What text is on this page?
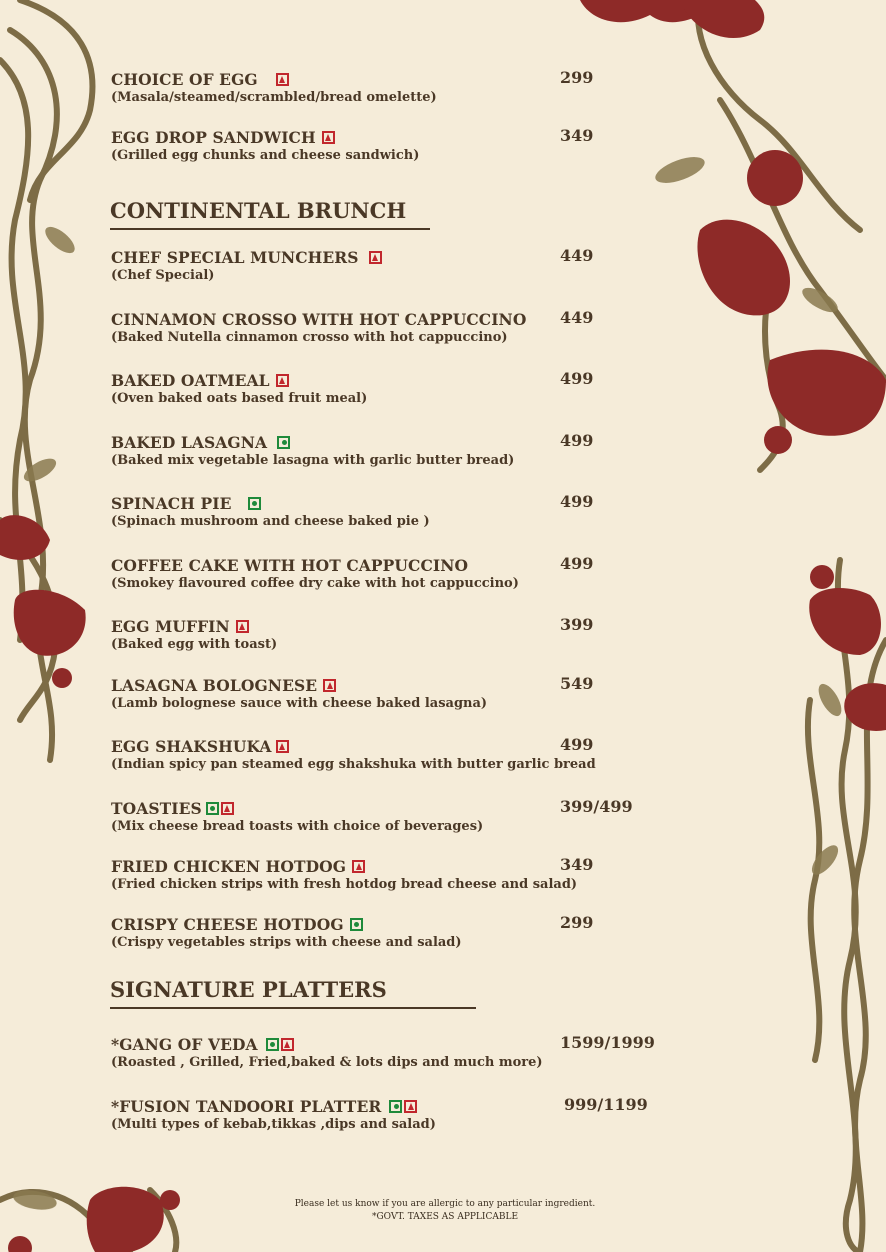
CHOICE OF EGG
(Masala/steamed/scrambled/bread omelette)
299
EGG DROP SANDWICH
(Grilled egg chunks and cheese sandwich)
349
CONTINENTAL BRUNCH
CHEF SPECIAL MUNCHERS
(Chef Special)
449
CINNAMON CROSSO WITH HOT CAPPUCCINO
(Baked Nutella cinnamon crosso with hot cappuccino)
449
BAKED OATMEAL
(Oven baked oats based fruit meal)
499
BAKED LASAGNA
(Baked mix vegetable lasagna with garlic butter bread)
499
SPINACH PIE
(Spinach mushroom and cheese baked pie )
499
COFFEE CAKE WITH HOT CAPPUCCINO
(Smokey flavoured coffee dry cake with hot cappuccino)
499
EGG MUFFIN
(Baked egg with toast)
399
LASAGNA BOLOGNESE
(Lamb bolognese sauce with cheese baked lasagna)
549
EGG SHAKSHUKA
(Indian spicy pan steamed egg shakshuka with butter garlic bread
499
TOASTIES
(Mix cheese bread toasts with choice of beverages)
399/499
FRIED CHICKEN HOTDOG
(Fried chicken strips with fresh hotdog bread cheese and salad)
349
CRISPY CHEESE HOTDOG
(Crispy vegetables strips with cheese and salad)
299
SIGNATURE PLATTERS
*GANG OF VEDA
(Roasted , Grilled, Fried,baked & lots dips and much more)
1599/1999
*FUSION TANDOORI PLATTER
(Multi types of kebab,tikkas ,dips and salad)
999/1199
Please let us know if you are allergic to any particular ingredient.
*GOVT. TAXES AS APPLICABLE
